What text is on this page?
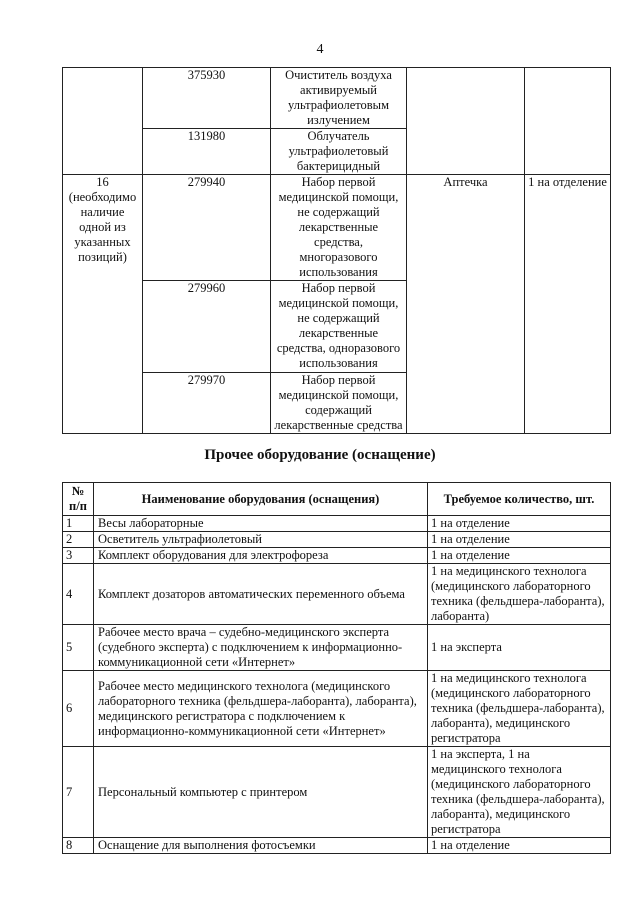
4
	375930	Очиститель воздуха активируемый ультрафиолетовым излучением		
	131980	Облучатель ультрафиолетовый бактерицидный		
16 (необходимо наличие одной из указанных позиций)	279940	Набор первой медицинской помощи, не содержащий лекарственные средства, многоразового использования	Аптечка	1 на отделение
	279960	Набор первой медицинской помощи, не содержащий лекарственные средства, одноразового использования		
	279970	Набор первой медицинской помощи, содержащий лекарственные средства		
Прочее оборудование (оснащение)
№ п/п	Наименование оборудования (оснащения)	Требуемое количество, шт.
1	Весы лабораторные	1 на отделение
2	Осветитель ультрафиолетовый	1 на отделение
3	Комплект оборудования для электрофореза	1 на отделение
4	Комплект дозаторов автоматических переменного объема	1 на медицинского технолога (медицинского лабораторного техника (фельдшера-лаборанта), лаборанта)
5	Рабочее место врача – судебно-медицинского эксперта (судебного эксперта) с подключением к информационно-коммуникационной сети «Интернет»	1 на эксперта
6	Рабочее место медицинского технолога (медицинского лабораторного техника (фельдшера-лаборанта), лаборанта), медицинского регистратора с подключением к информационно-коммуникационной сети «Интернет»	1 на медицинского технолога (медицинского лабораторного техника (фельдшера-лаборанта), лаборанта), медицинского регистратора
7	Персональный компьютер с принтером	1 на эксперта, 1 на медицинского технолога (медицинского лабораторного техника (фельдшера-лаборанта), лаборанта), медицинского регистратора
8	Оснащение для выполнения фотосъемки	1 на отделение
